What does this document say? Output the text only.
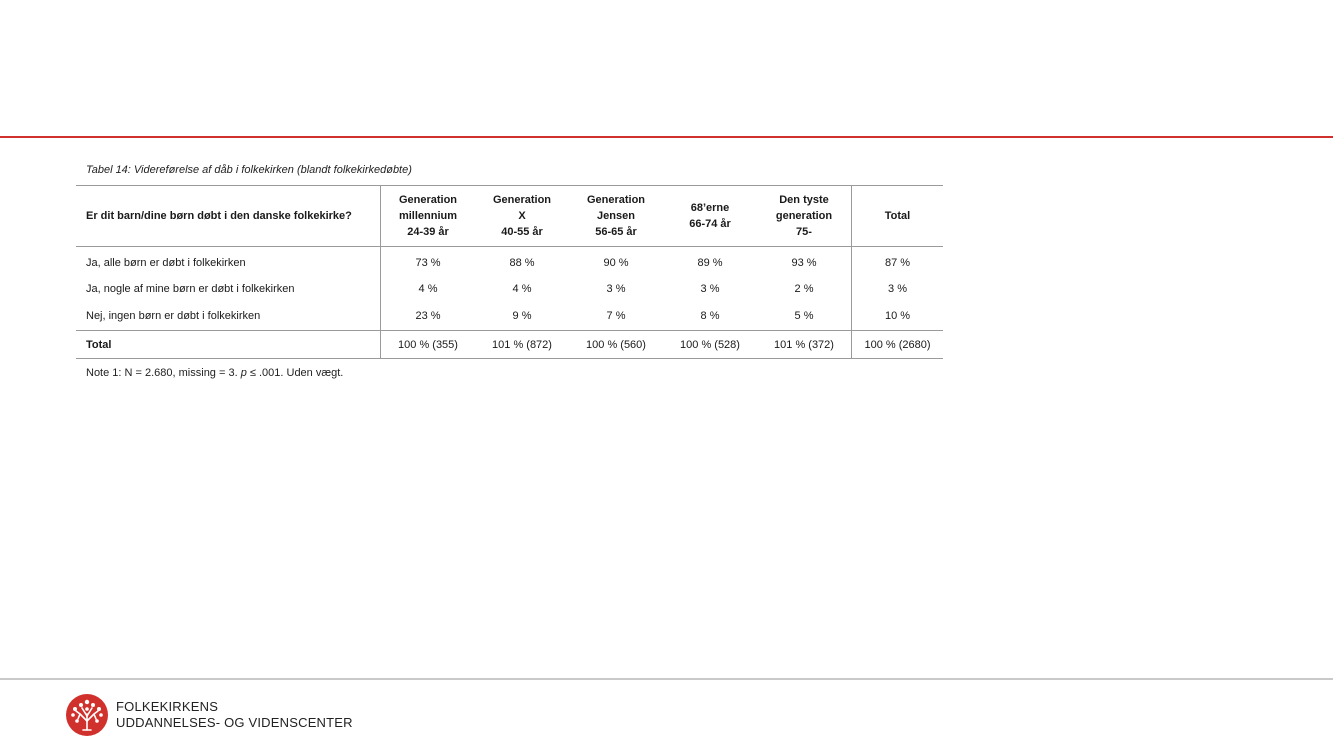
Tabel 14: Videreførelse af dåb i folkekirken (blandt folkekirkedøbte)
Er dit barn/dine børn døbt i den danske folkekirke?	Generation
millennium
24-39 år	Generation
X
40-55 år	Generation
Jensen
56-65 år	68’erne
66-74 år	Den tyste
generation
75-	Total

Ja, alle børn er døbt i folkekirken	73 %	88 %	90 %	89 %	93 %	87 %
Ja, nogle af mine børn er døbt i folkekirken	4 %	4 %	3 %	3 %	2 %	3 %
Nej, ingen børn er døbt i folkekirken	23 %	9 %	7 %	8 %	5 %	10 %
Total	100 % (355)	101 % (872)	100 % (560)	100 % (528)	101 % (372)	100 % (2680)
Note 1: N = 2.680, missing = 3. p ≤ .001. Uden vægt.
FOLKEKIRKENS
UDDANNELSES- OG VIDENSCENTER
